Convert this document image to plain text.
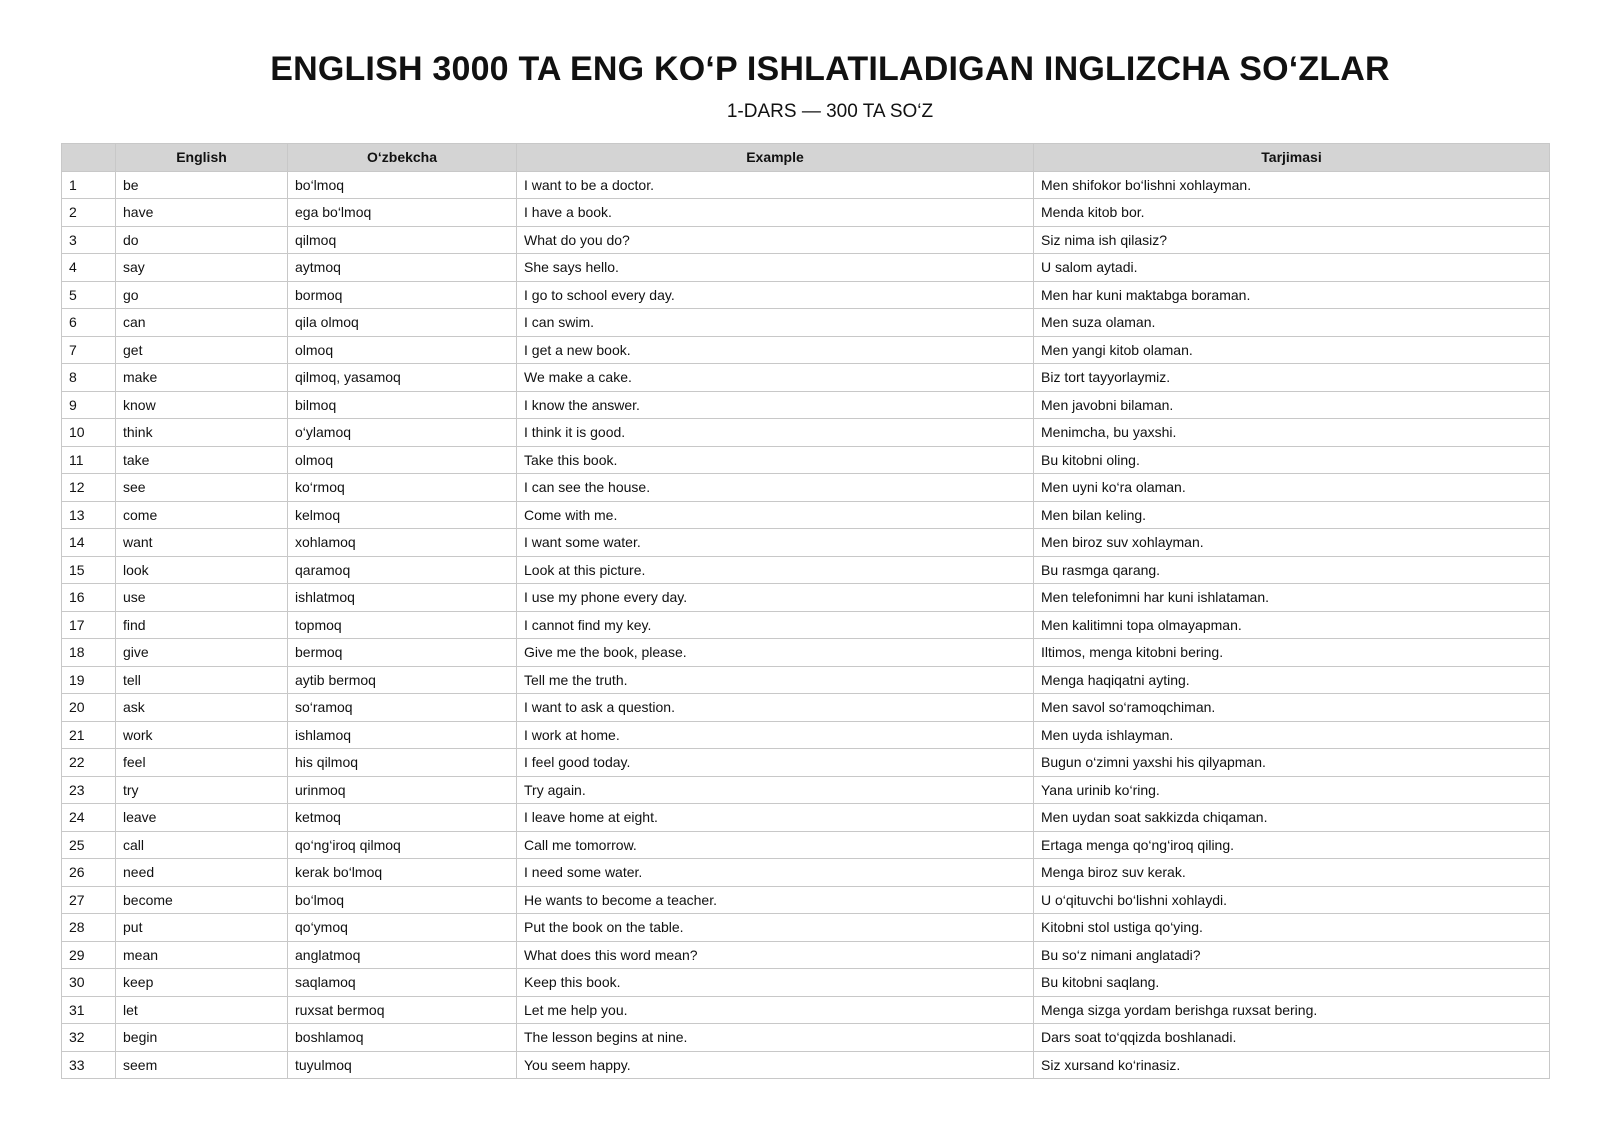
ENGLISH 3000 TA ENG KO‘P ISHLATILADIGAN INGLIZCHA SO‘ZLAR
1-DARS — 300 TA SO‘Z
	English	O‘zbekcha	Example	Tarjimasi
1	be	bo‘lmoq	I want to be a doctor.	Men shifokor bo‘lishni xohlayman.
2	have	ega bo‘lmoq	I have a book.	Menda kitob bor.
3	do	qilmoq	What do you do?	Siz nima ish qilasiz?
4	say	aytmoq	She says hello.	U salom aytadi.
5	go	bormoq	I go to school every day.	Men har kuni maktabga boraman.
6	can	qila olmoq	I can swim.	Men suza olaman.
7	get	olmoq	I get a new book.	Men yangi kitob olaman.
8	make	qilmoq, yasamoq	We make a cake.	Biz tort tayyorlaymiz.
9	know	bilmoq	I know the answer.	Men javobni bilaman.
10	think	o‘ylamoq	I think it is good.	Menimcha, bu yaxshi.
11	take	olmoq	Take this book.	Bu kitobni oling.
12	see	ko‘rmoq	I can see the house.	Men uyni ko‘ra olaman.
13	come	kelmoq	Come with me.	Men bilan keling.
14	want	xohlamoq	I want some water.	Men biroz suv xohlayman.
15	look	qaramoq	Look at this picture.	Bu rasmga qarang.
16	use	ishlatmoq	I use my phone every day.	Men telefonimni har kuni ishlataman.
17	find	topmoq	I cannot find my key.	Men kalitimni topa olmayapman.
18	give	bermoq	Give me the book, please.	Iltimos, menga kitobni bering.
19	tell	aytib bermoq	Tell me the truth.	Menga haqiqatni ayting.
20	ask	so‘ramoq	I want to ask a question.	Men savol so‘ramoqchiman.
21	work	ishlamoq	I work at home.	Men uyda ishlayman.
22	feel	his qilmoq	I feel good today.	Bugun o‘zimni yaxshi his qilyapman.
23	try	urinmoq	Try again.	Yana urinib ko‘ring.
24	leave	ketmoq	I leave home at eight.	Men uydan soat sakkizda chiqaman.
25	call	qo‘ng‘iroq qilmoq	Call me tomorrow.	Ertaga menga qo‘ng‘iroq qiling.
26	need	kerak bo‘lmoq	I need some water.	Menga biroz suv kerak.
27	become	bo‘lmoq	He wants to become a teacher.	U o‘qituvchi bo‘lishni xohlaydi.
28	put	qo‘ymoq	Put the book on the table.	Kitobni stol ustiga qo‘ying.
29	mean	anglatmoq	What does this word mean?	Bu so‘z nimani anglatadi?
30	keep	saqlamoq	Keep this book.	Bu kitobni saqlang.
31	let	ruxsat bermoq	Let me help you.	Menga sizga yordam berishga ruxsat bering.
32	begin	boshlamoq	The lesson begins at nine.	Dars soat to‘qqizda boshlanadi.
33	seem	tuyulmoq	You seem happy.	Siz xursand ko‘rinasiz.
